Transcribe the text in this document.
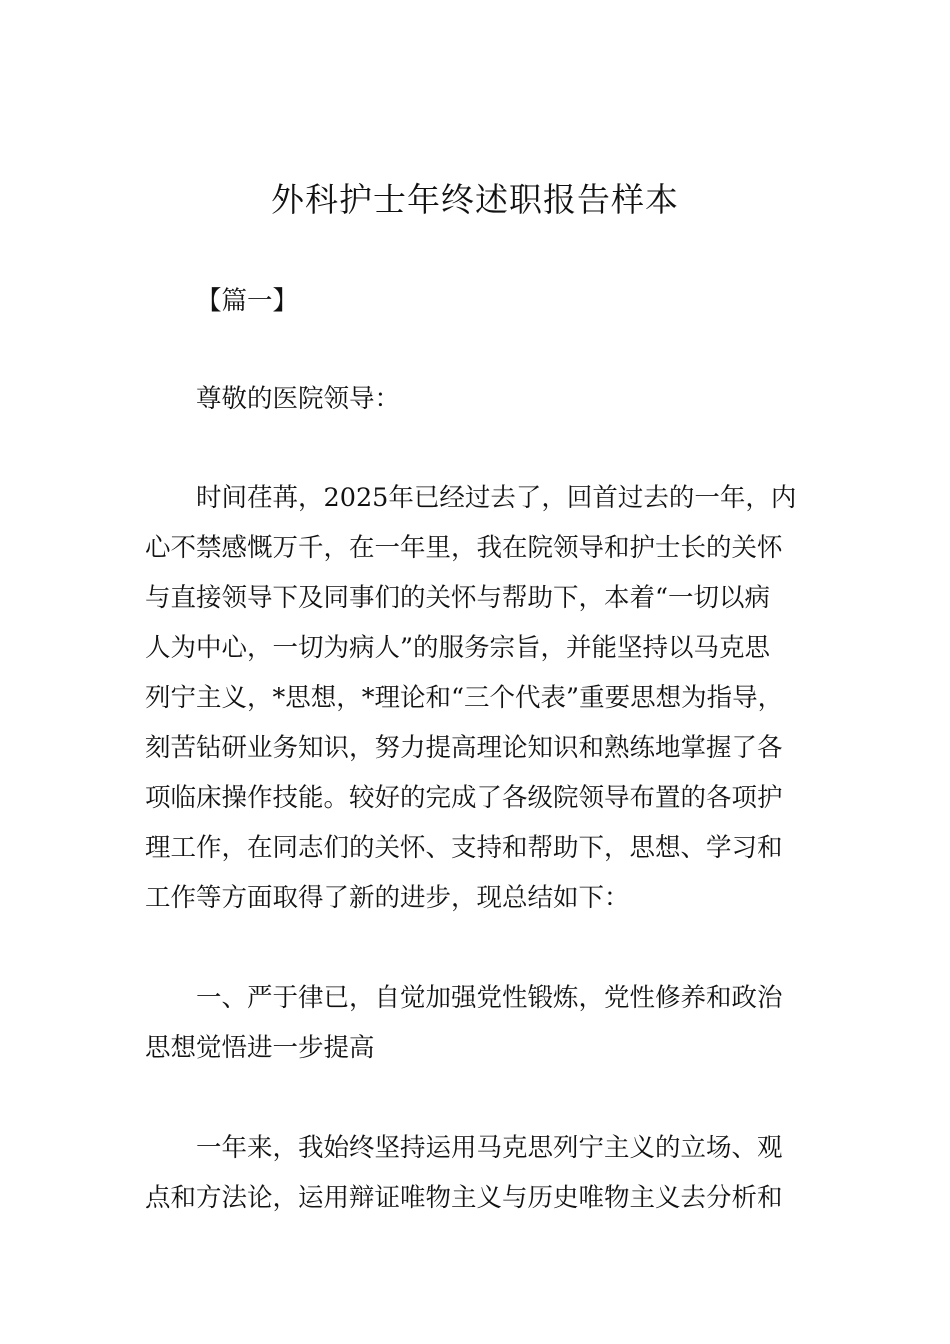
外科护士年终述职报告样本
【篇一】
尊敬的医院领导：
时间荏苒，2025年已经过去了，回首过去的一年，内
心不禁感慨万千，在一年里，我在院领导和护士长的关怀
与直接领导下及同事们的关怀与帮助下，本着“一切以病
人为中心，一切为病人”的服务宗旨，并能坚持以马克思
列宁主义，*思想，*理论和“三个代表”重要思想为指导，
刻苦钻研业务知识，努力提高理论知识和熟练地掌握了各
项临床操作技能。较好的完成了各级院领导布置的各项护
理工作，在同志们的关怀、支持和帮助下，思想、学习和
工作等方面取得了新的进步，现总结如下：
一、严于律已，自觉加强党性锻炼，党性修养和政治
思想觉悟进一步提高
一年来，我始终坚持运用马克思列宁主义的立场、观
点和方法论，运用辩证唯物主义与历史唯物主义去分析和
